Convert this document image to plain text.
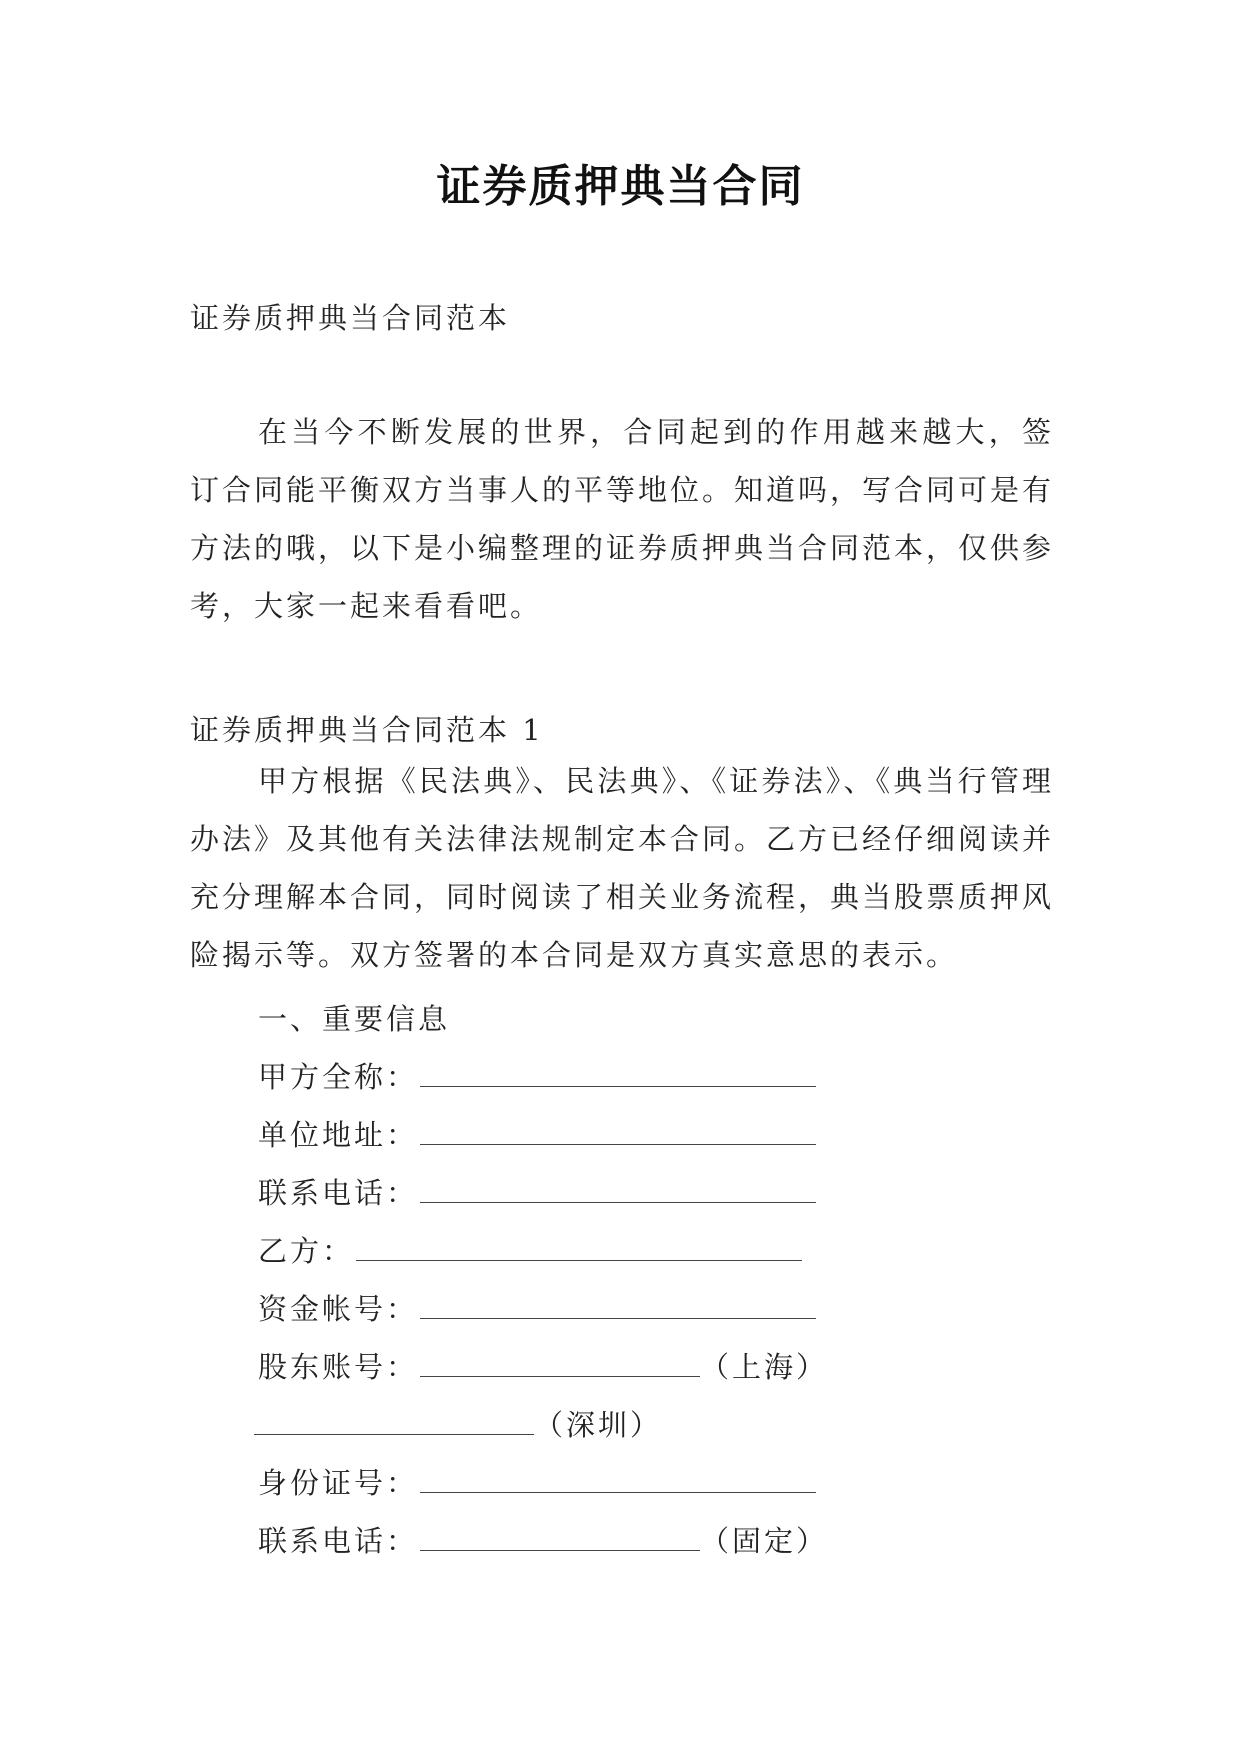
证券质押典当合同
证券质押典当合同范本
在当今不断发展的世界，合同起到的作用越来越大，签订合同能平衡双方当事人的平等地位。知道吗，写合同可是有方法的哦，以下是小编整理的证券质押典当合同范本，仅供参考，大家一起来看看吧。
证券质押典当合同范本 1
甲方根据《民法典》、民法典》、《证券法》、《典当行管理办法》及其他有关法律法规制定本合同。乙方已经仔细阅读并充分理解本合同，同时阅读了相关业务流程，典当股票质押风险揭示等。双方签署的本合同是双方真实意思的表示。
一、重要信息
甲方全称：
单位地址：
联系电话：
乙方：
资金帐号：
股东账号：	（上海）
（深圳）
身份证号：
联系电话：	（固定）
